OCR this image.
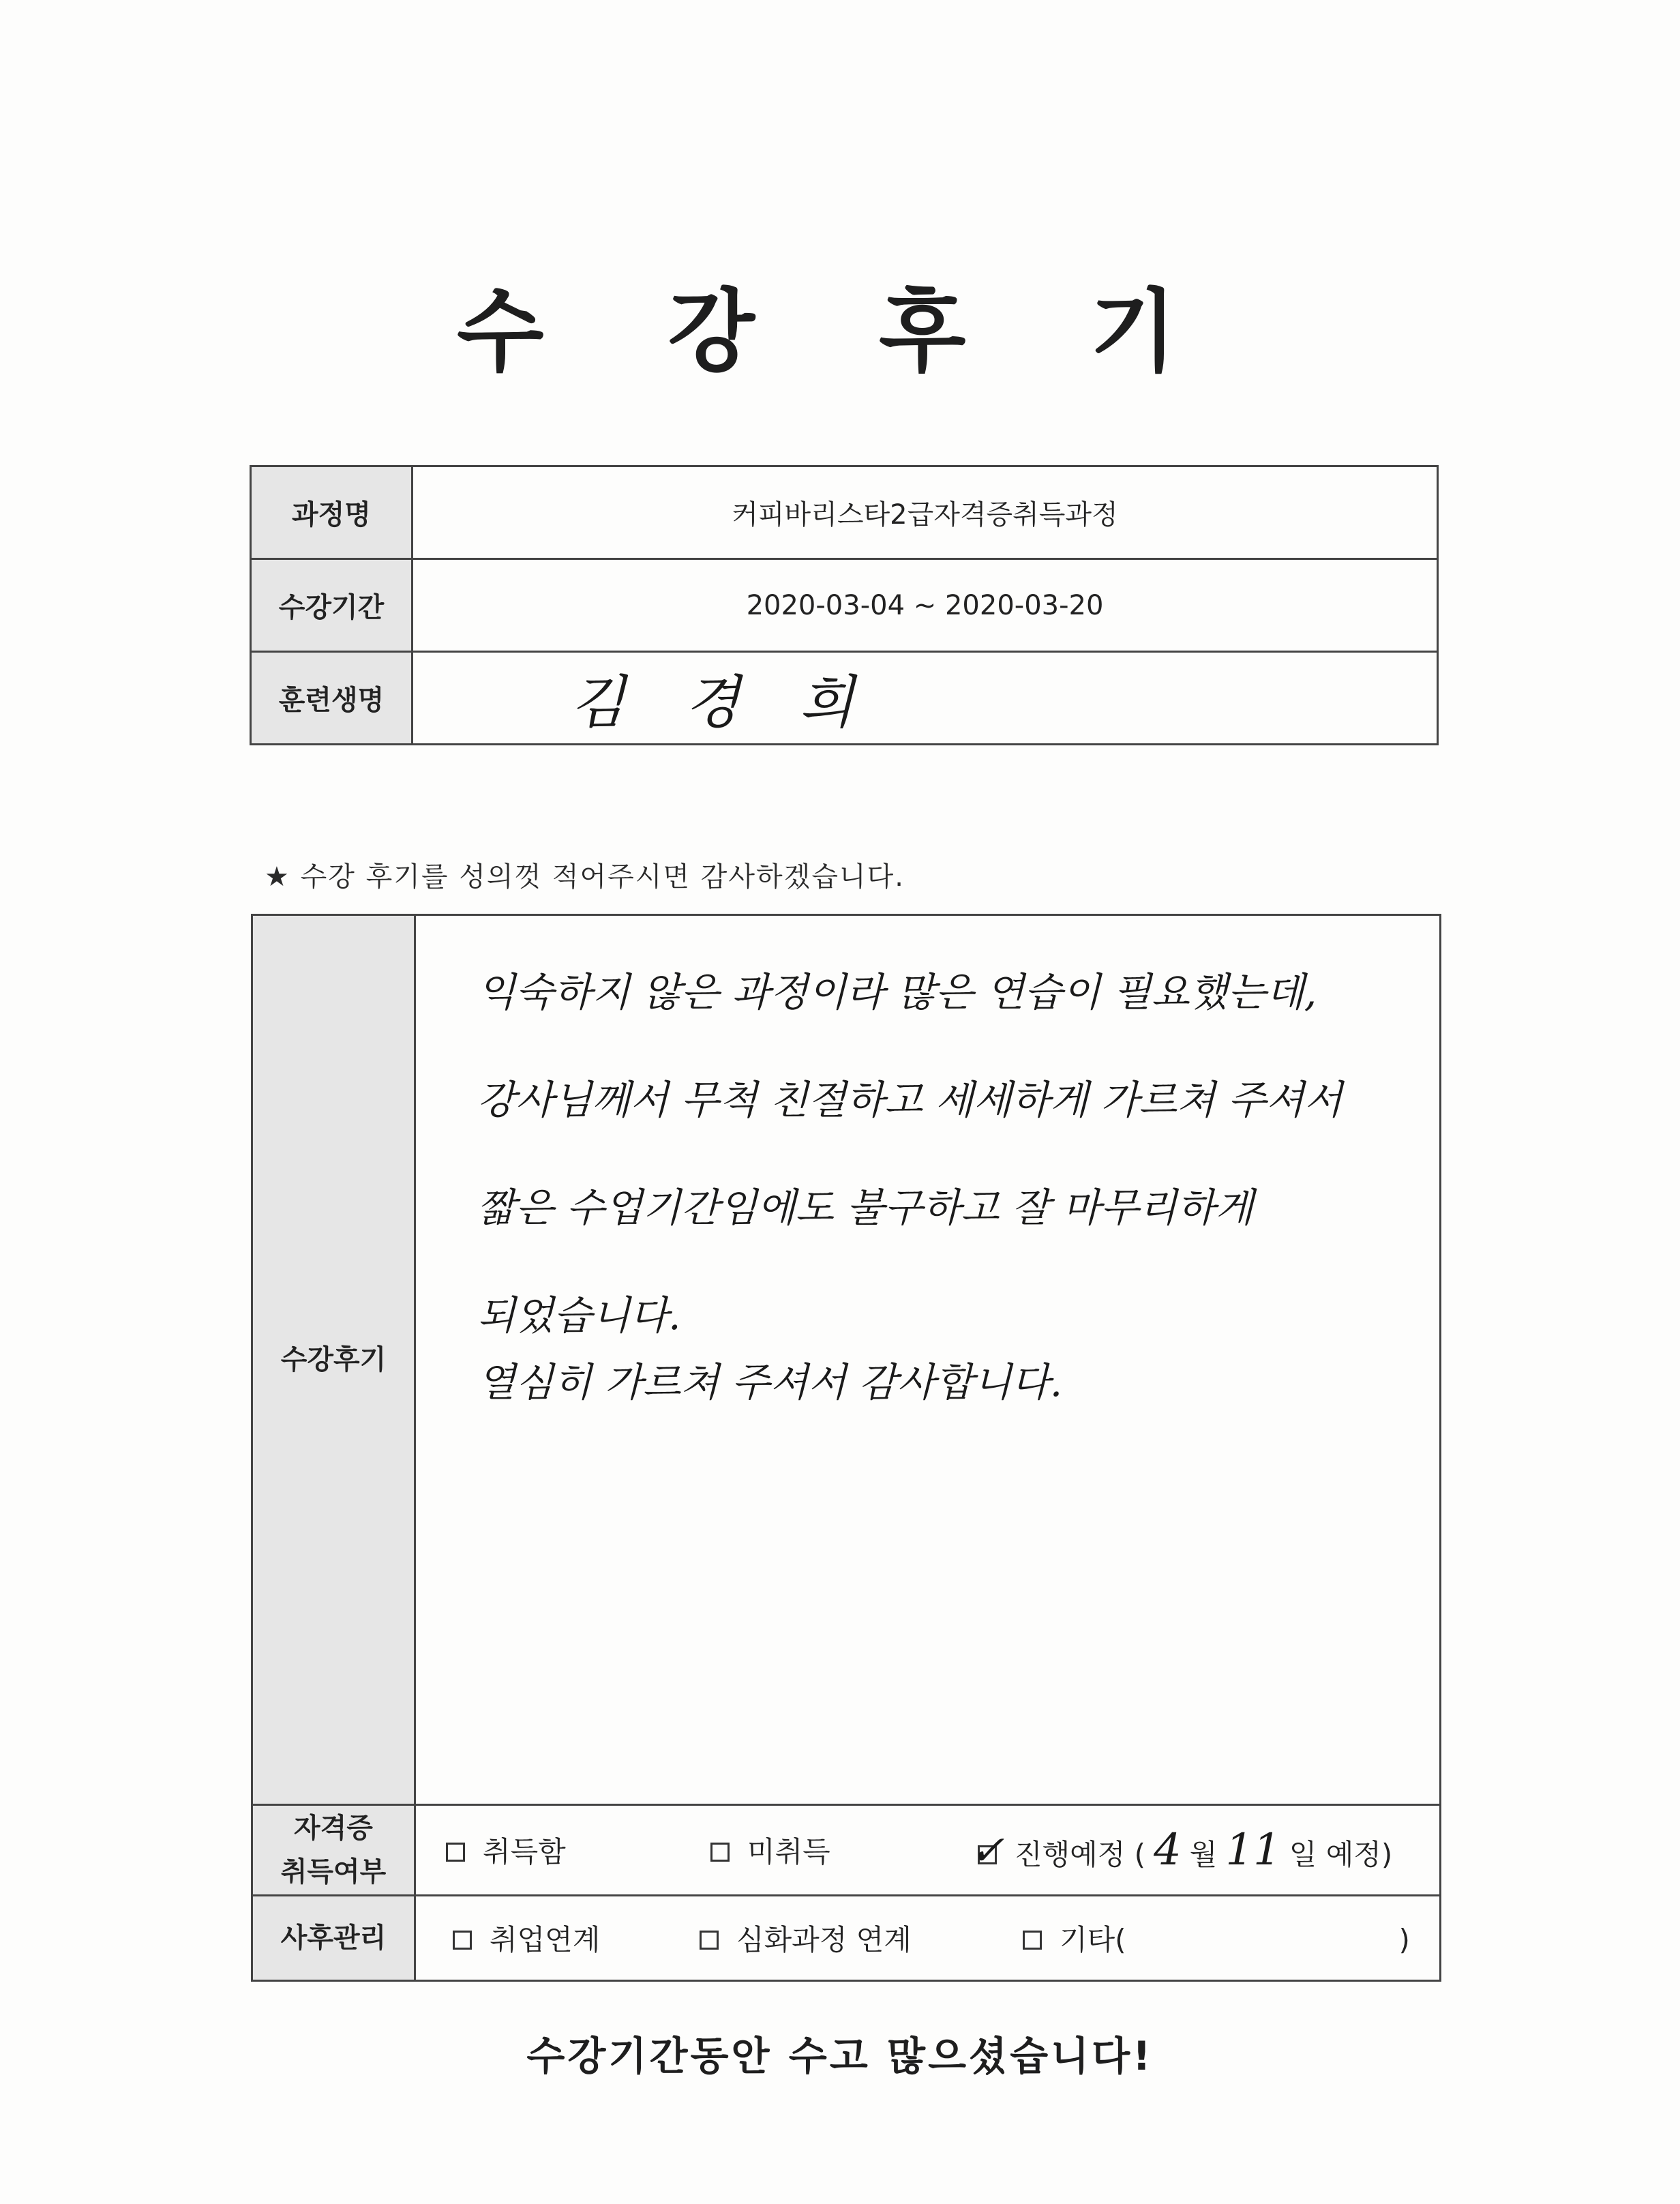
수 강 후 기
과정명	커피바리스타2급자격증취득과정
수강기간	2020-03-04 ~ 2020-03-20
훈련생명	김 경 희
★ 수강 후기를 성의껏 적어주시면 감사하겠습니다.
수강후기	익숙하지 않은 과정이라 많은 연습이 필요했는데,
강사님께서 무척 친절하고 세세하게 가르쳐 주셔서
짧은 수업기간임에도 불구하고 잘 마무리하게
되었습니다.
열심히 가르쳐 주셔서 감사합니다.

자격증
취득여부	취득함 미취득 ✓ 진행예정 ( 4 월 11 일 예정)
사후관리	취업연계 심화과정 연계 기타( )
수강기간동안 수고 많으셨습니다!
